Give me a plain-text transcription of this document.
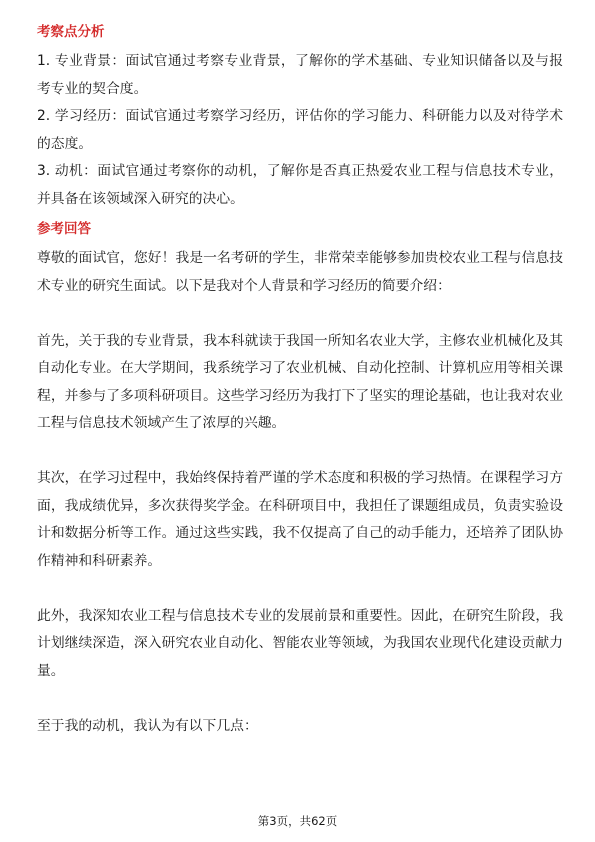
考察点分析

1. 专业背景：面试官通过考察专业背景，了解你的学术基础、专业知识储备以及与报考专业的契合度。

2. 学习经历：面试官通过考察学习经历，评估你的学习能力、科研能力以及对待学术的态度。

3. 动机：面试官通过考察你的动机，了解你是否真正热爱农业工程与信息技术专业，并具备在该领域深入研究的决心。

参考回答

尊敬的面试官，您好！我是一名考研的学生，非常荣幸能够参加贵校农业工程与信息技术专业的研究生面试。以下是我对个人背景和学习经历的简要介绍：

首先，关于我的专业背景，我本科就读于我国一所知名农业大学，主修农业机械化及其自动化专业。在大学期间，我系统学习了农业机械、自动化控制、计算机应用等相关课程，并参与了多项科研项目。这些学习经历为我打下了坚实的理论基础，也让我对农业工程与信息技术领域产生了浓厚的兴趣。

其次，在学习过程中，我始终保持着严谨的学术态度和积极的学习热情。在课程学习方面，我成绩优异，多次获得奖学金。在科研项目中，我担任了课题组成员，负责实验设计和数据分析等工作。通过这些实践，我不仅提高了自己的动手能力，还培养了团队协作精神和科研素养。

此外，我深知农业工程与信息技术专业的发展前景和重要性。因此，在研究生阶段，我计划继续深造，深入研究农业自动化、智能农业等领域，为我国农业现代化建设贡献力量。

至于我的动机，我认为有以下几点：

第3页，共62页
